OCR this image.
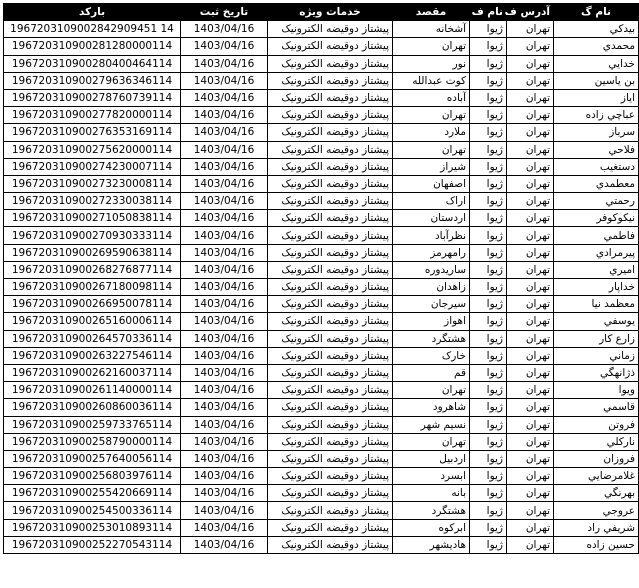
نام گ	آدرس ف	نام ف	مقصد	خدمات ویژه	تاریخ ثبت	بارکد
بيدكي	تهران	ژيوا	آشخانه	پیشتاز دوقیضه الکترونیک	1403/04/16	1967203109002842909451 14
محمدي	تهران	ژيوا	تهران	پیشتاز دوقیضه الکترونیک	1403/04/16	196720310900281280000114
خدايي	تهران	ژيوا	نور	پیشتاز دوقیضه الکترونیک	1403/04/16	196720310900280400464114
بن ياسين	تهران	ژيوا	كوت عبدالله	پیشتاز دوقیضه الکترونیک	1403/04/16	196720310900279636346114
اياز	تهران	ژيوا	آباده	پیشتاز دوقیضه الکترونیک	1403/04/16	196720310900278760739114
عباچي زاده	تهران	ژيوا	تهران	پیشتاز دوقیضه الکترونیک	1403/04/16	196720310900277820000114
سرباز	تهران	ژيوا	ملارد	پیشتاز دوقیضه الکترونیک	1403/04/16	196720310900276353169114
فلاحي	تهران	ژيوا	تهران	پیشتاز دوقیضه الکترونیک	1403/04/16	196720310900275620000114
دستغيب	تهران	ژيوا	شيراز	پیشتاز دوقیضه الکترونیک	1403/04/16	196720310900274230007114
معطمدي	تهران	ژيوا	اصفهان	پیشتاز دوقیضه الکترونیک	1403/04/16	196720310900273230008114
رحمتي	تهران	ژيوا	اراک	پیشتاز دوقیضه الکترونیک	1403/04/16	196720310900272330038114
نيكوكوفر	تهران	ژيوا	اردستان	پیشتاز دوقیضه الکترونیک	1403/04/16	196720310900271050838114
فاطمي	تهران	ژيوا	نظرآباد	پیشتاز دوقیضه الکترونیک	1403/04/16	196720310900270930333114
پيرمرادي	تهران	ژيوا	رامهرمز	پیشتاز دوقیضه الکترونیک	1403/04/16	196720310900269590638114
اميري	تهران	ژيوا	ساريدوره	پیشتاز دوقیضه الکترونیک	1403/04/16	196720310900268276877114
خداپار	تهران	ژيوا	زاهدان	پیشتاز دوقیضه الکترونیک	1403/04/16	196720310900267180098114
معظمد نيا	تهران	ژيوا	سيرجان	پیشتاز دوقیضه الکترونیک	1403/04/16	196720310900266950078114
يوسفي	تهران	ژيوا	اهواز	پیشتاز دوقیضه الکترونیک	1403/04/16	196720310900265160006114
زارع كار	تهران	ژيوا	هشتگرد	پیشتاز دوقیضه الکترونیک	1403/04/16	196720310900264570336114
زماني	تهران	ژيوا	خارک	پیشتاز دوقیضه الکترونیک	1403/04/16	196720310900263227546114
ذژانهگي	تهران	ژيوا	قم	پیشتاز دوقیضه الکترونیک	1403/04/16	196720310900262160037114
ويوا	تهران	ژيوا	تهران	پیشتاز دوقیضه الکترونیک	1403/04/16	196720310900261140000114
قاسمي	تهران	ژيوا	شاهرود	پیشتاز دوقیضه الکترونیک	1403/04/16	196720310900260860036114
فروتن	تهران	ژيوا	نسيم شهر	پیشتاز دوقیضه الکترونیک	1403/04/16	196720310900259733765114
ناركلي	تهران	ژيوا	تهران	پیشتاز دوقیضه الکترونیک	1403/04/16	196720310900258790000114
فروزان	تهران	ژيوا	اردبيل	پیشتاز دوقیضه الکترونیک	1403/04/16	196720310900257640056114
غلامرضايي	تهران	ژيوا	ابسرد	پیشتاز دوقیضه الکترونیک	1403/04/16	196720310900256803976114
بهرنگي	تهران	ژيوا	بانه	پیشتاز دوقیضه الکترونیک	1403/04/16	196720310900255420669114
عروجي	تهران	ژيوا	هشتگرد	پیشتاز دوقیضه الکترونیک	1403/04/16	196720310900254500336114
شريفي راد	تهران	ژيوا	ابركوه	پیشتاز دوقیضه الکترونیک	1403/04/16	196720310900253010893114
حسين زاده	تهران	ژيوا	هاديشهر	پیشتاز دوقیضه الکترونیک	1403/04/16	196720310900252270543114
